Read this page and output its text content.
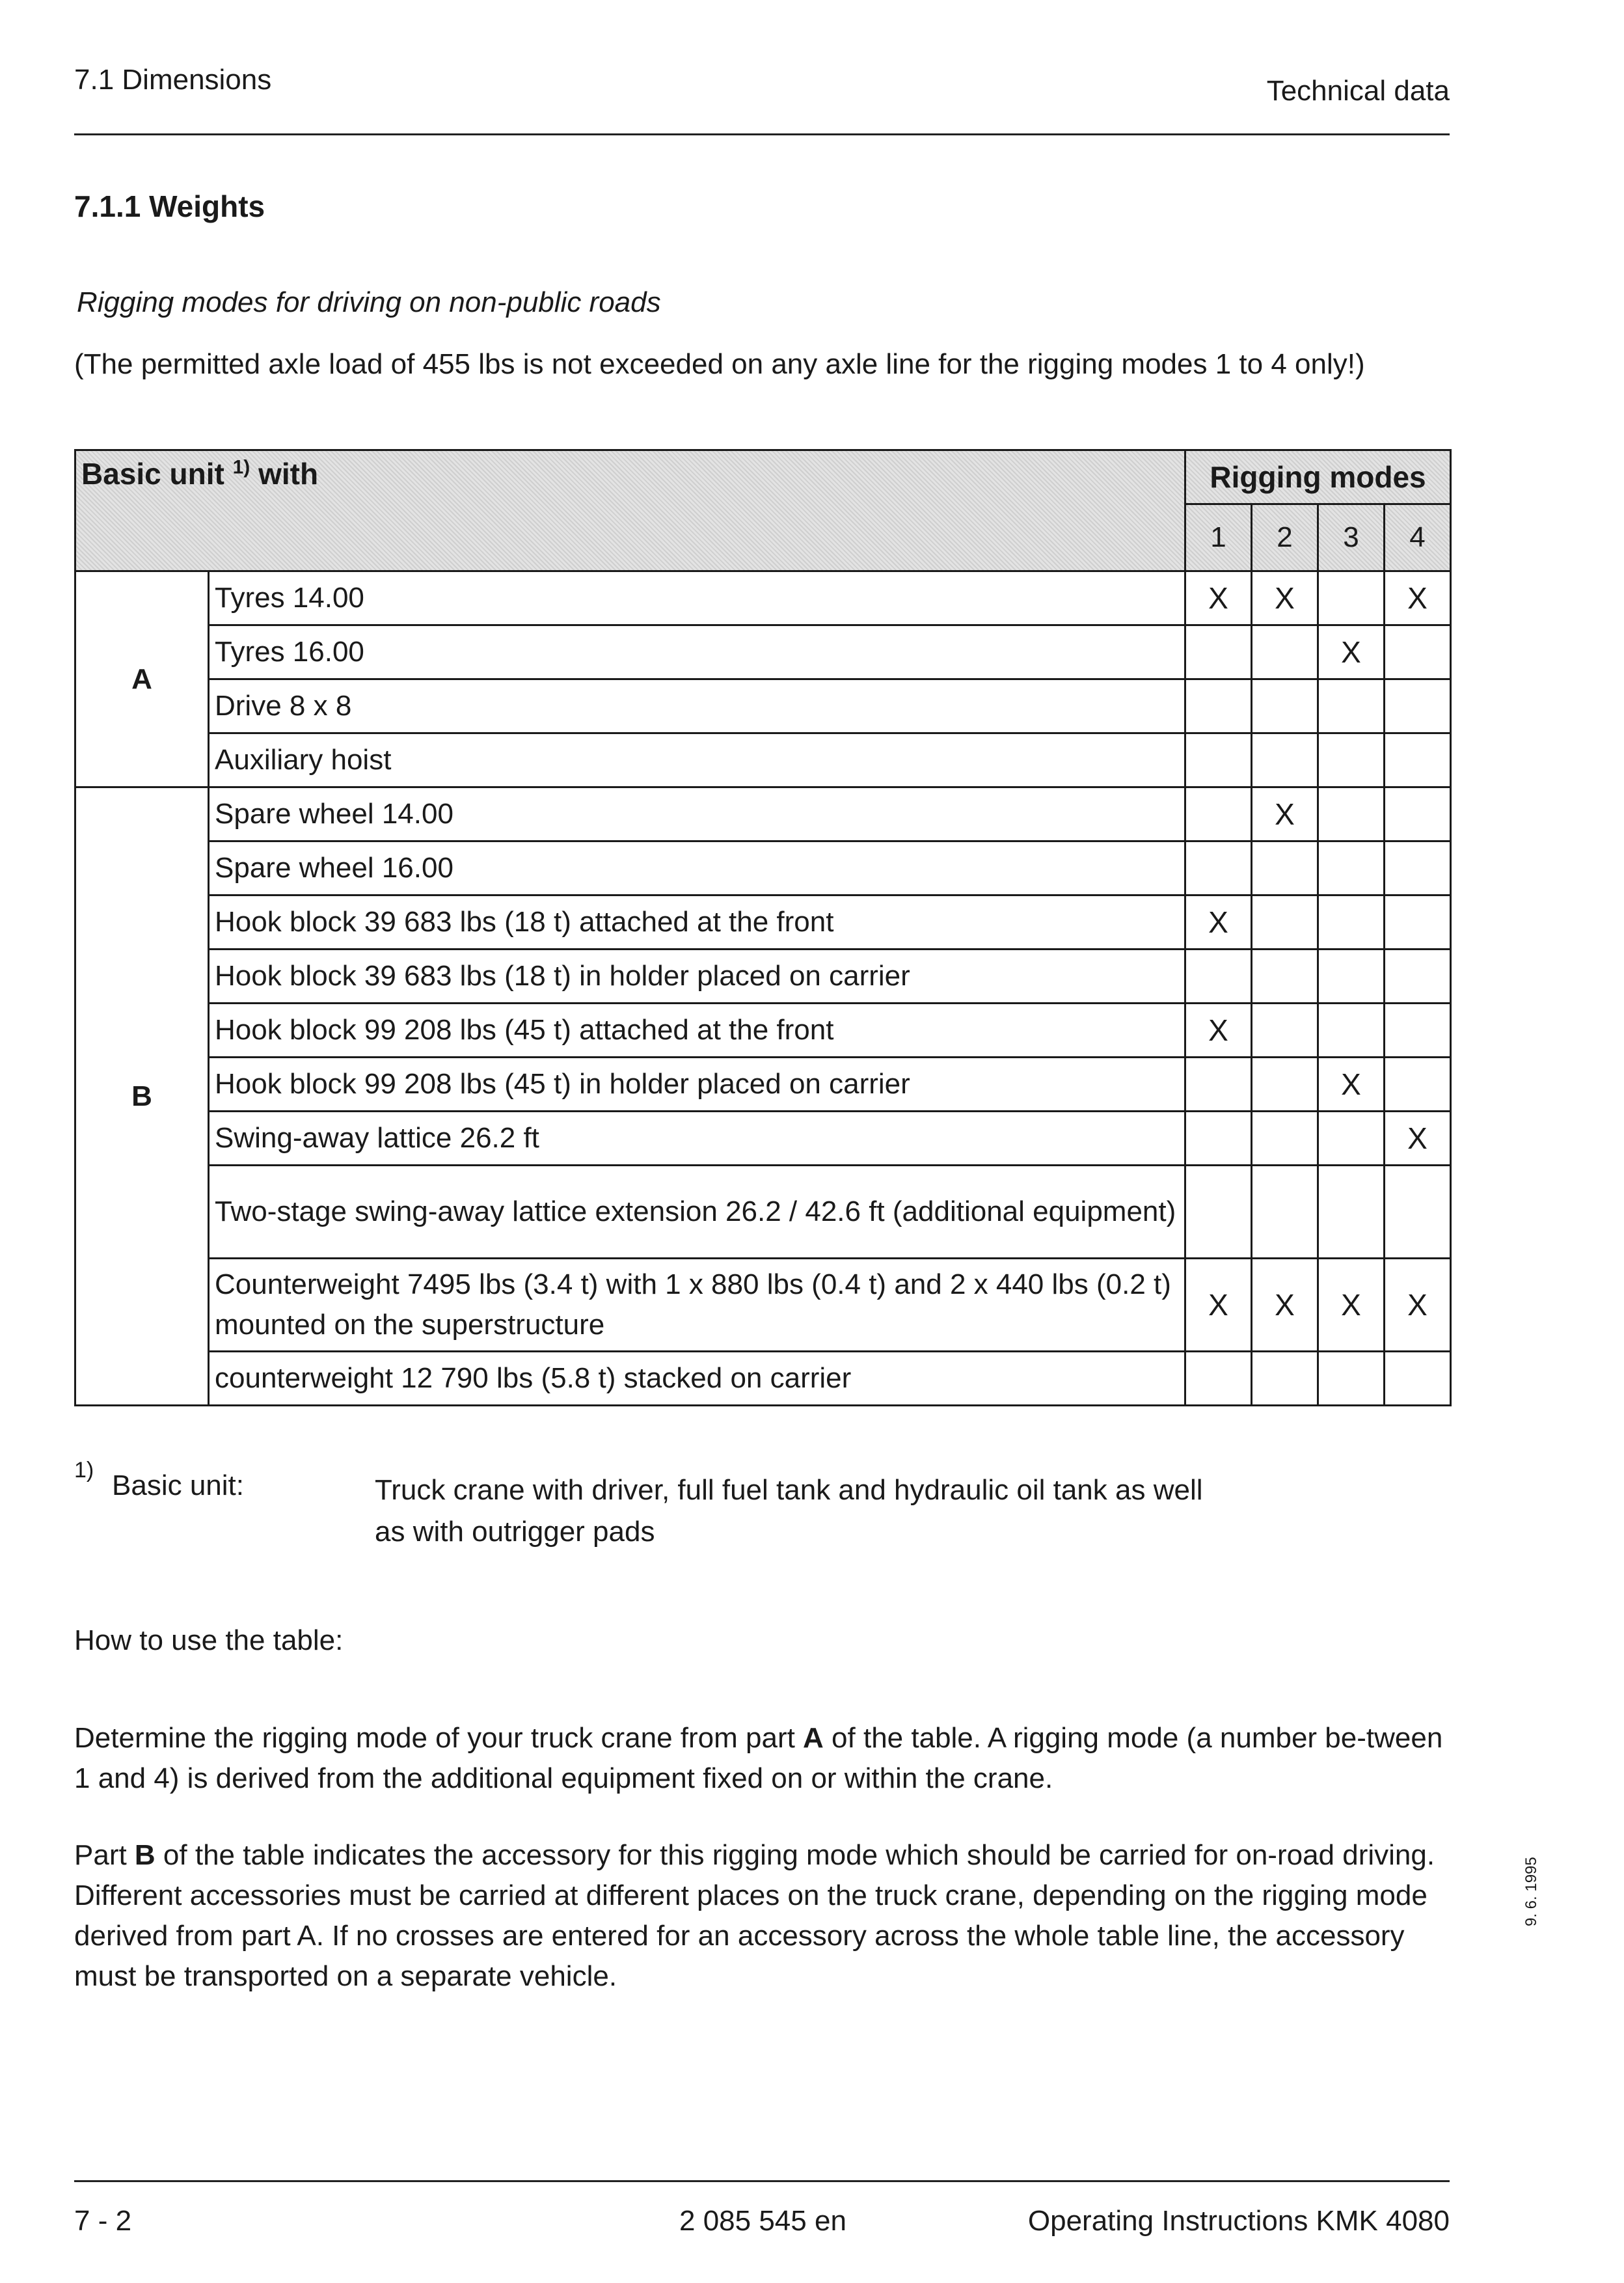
7.1 Dimensions	Technical data
7.1.1 Weights
Rigging modes for driving on non-public roads
(The permitted axle load of 455 lbs is not exceeded on any axle line for the rigging modes 1 to 4 only!)
Basic unit $^{1)}$ with		Rigging modes			
		1	2	3	4
A	Tyres 14.00	X	X		X
	Tyres 16.00			X	
	Drive 8 x 8				
	Auxiliary hoist				
B	Spare wheel 14.00		X		
	Spare wheel 16.00				
	Hook block 39 683 lbs (18 t) attached at the front	X			
	Hook block 39 683 lbs (18 t) in holder placed on carrier				
	Hook block 99 208 lbs (45 t) attached at the front	X			
	Hook block 99 208 lbs (45 t) in holder placed on carrier			X	
	Swing-away lattice 26.2 ft				X
	Two-stage swing-away lattice extension 26.2 / 42.6 ft (additional equipment)				
	Counterweight 7495 lbs (3.4 t) with 1 x 880 lbs (0.4 t) and 2 x 440 lbs (0.2 t) mounted on the superstructure	X	X	X	X
	counterweight 12 790 lbs (5.8 t) stacked on carrier				
1) Basic unit:	Truck crane with driver, full fuel tank and hydraulic oil tank as well as with outrigger pads
How to use the table:
Determine the rigging mode of your truck crane from part A of the table. A rigging mode (a number be-tween 1 and 4) is derived from the additional equipment fixed on or within the crane.
Part B of the table indicates the accessory for this rigging mode which should be carried for on-road driving. Different accessories must be carried at different places on the truck crane, depending on the rigging mode derived from part A. If no crosses are entered for an accessory across the whole table line, the accessory must be transported on a separate vehicle.
9. 6. 1995
7 - 2	2 085 545 en	Operating Instructions KMK 4080
